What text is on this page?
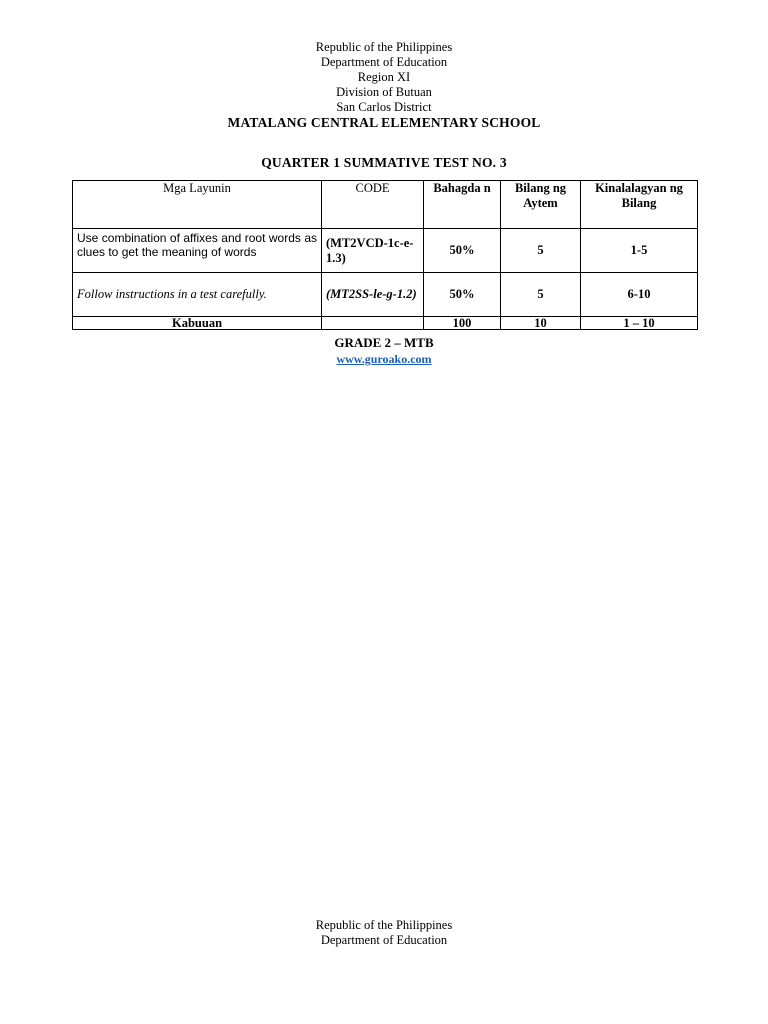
Republic of the Philippines
Department of Education
Region XI
Division of Butuan
San Carlos District
MATALANG CENTRAL ELEMENTARY SCHOOL
QUARTER 1 SUMMATIVE TEST NO. 3
Mga Layunin	CODE	Bahagda n	Bilang ng Aytem	Kinalalagyan ng Bilang
Use combination of affixes and root words as clues to get the meaning of words	(MT2VCD-1c-e-1.3)	50%	5	1-5
Follow instructions in a test carefully.	(MT2SS-le-g-1.2)	50%	5	6-10
Kabuuan		100	10	1 – 10
GRADE 2 – MTB
www.guroako.com
Republic of the Philippines
Department of Education
